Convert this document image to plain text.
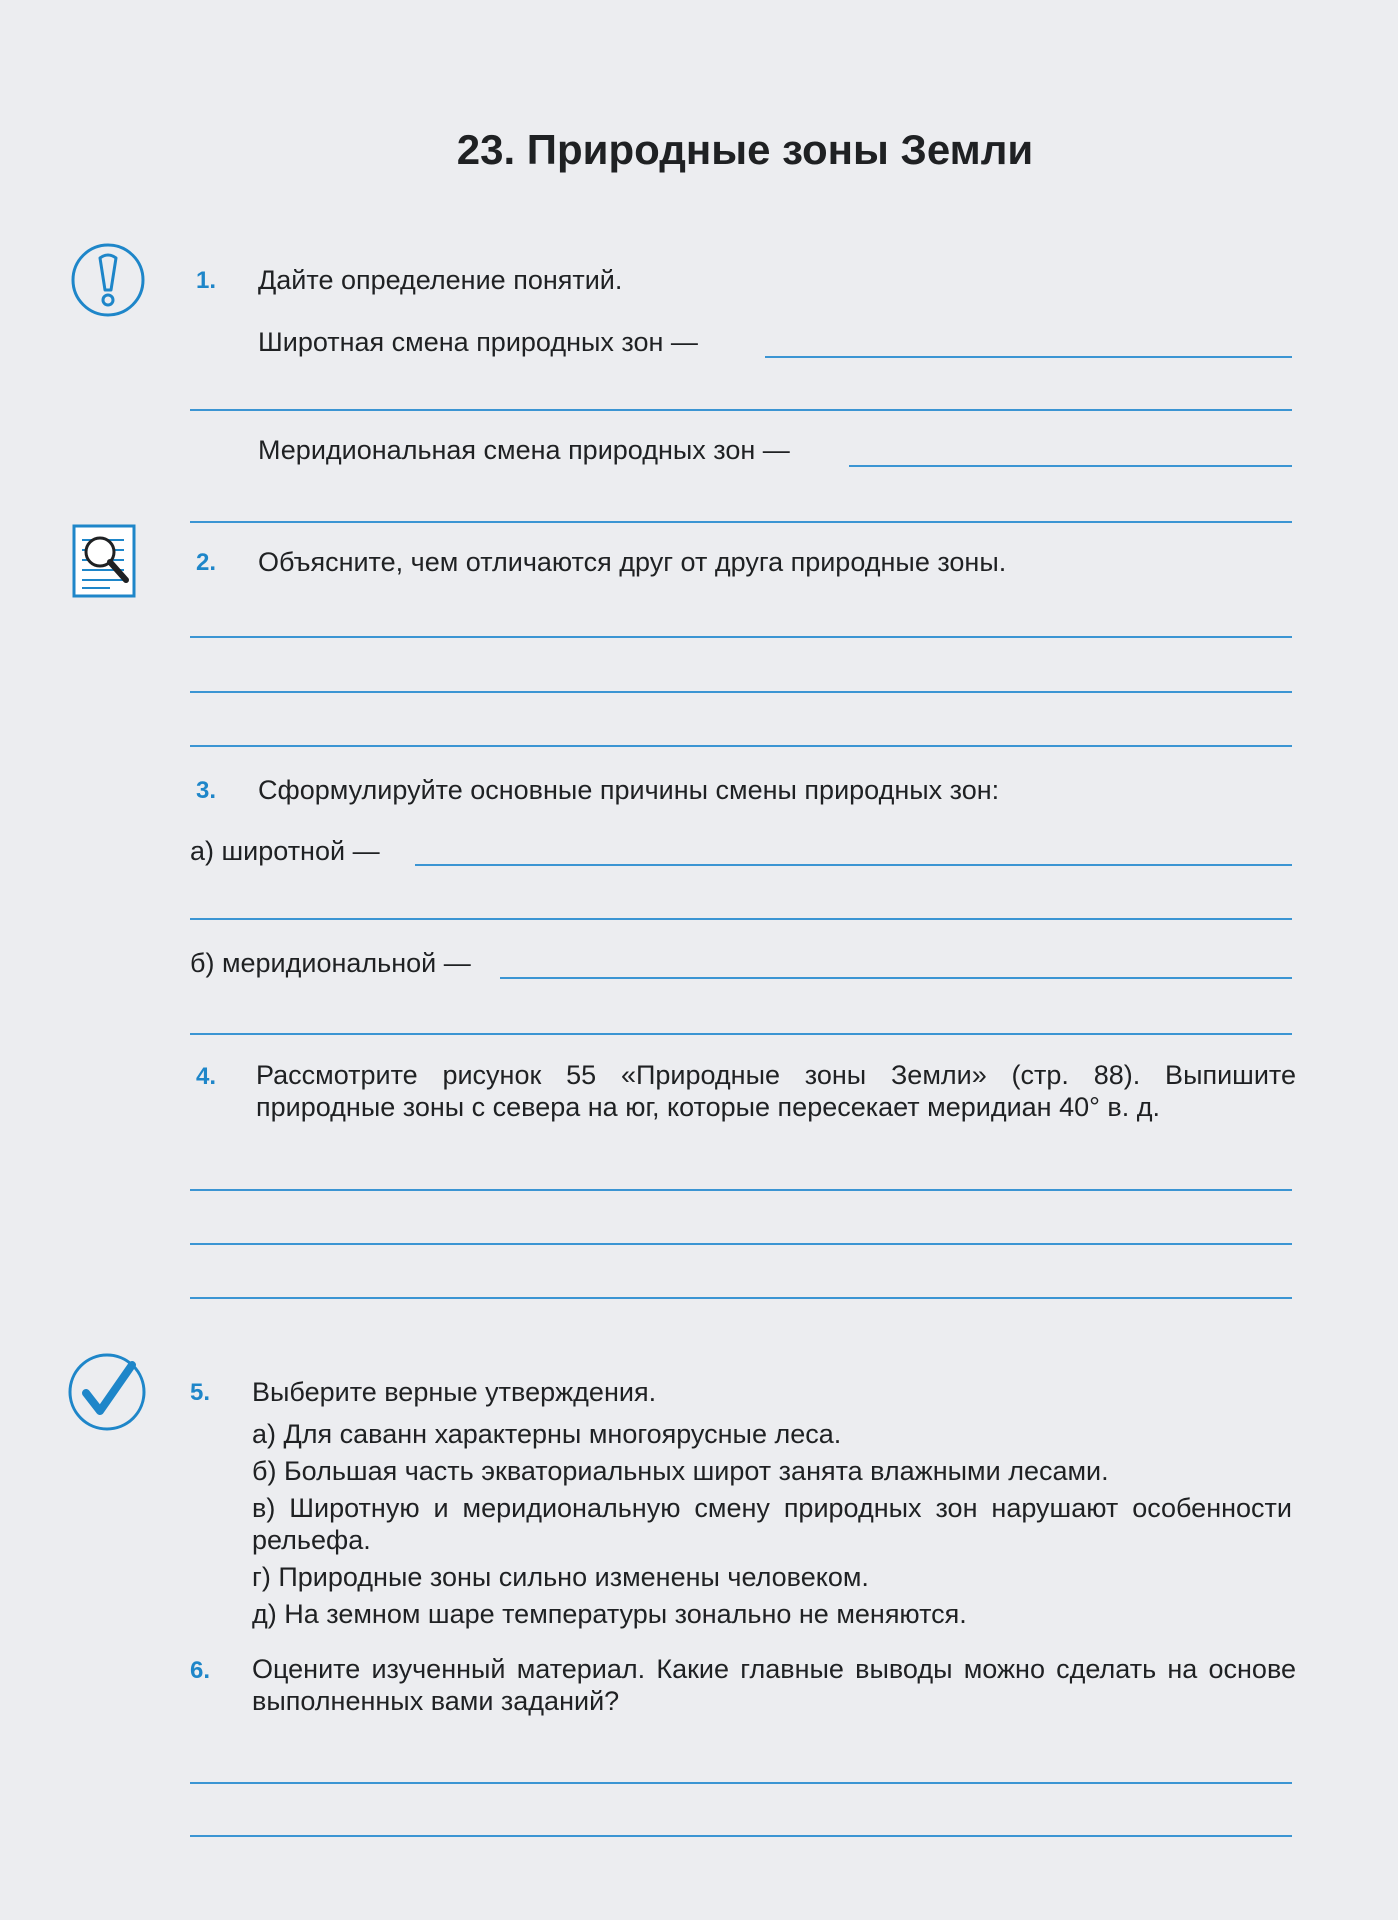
23. Природные зоны Земли
1.	Дайте определение понятий.
Широтная смена природных зон —
Меридиональная смена природных зон —
2.	Объясните, чем отличаются друг от друга природные зоны.
3.	Сформулируйте основные причины смены природных зон:
а) широтной —
б) меридиональной —
4.	Рассмотрите рисунок 55 «Природные зоны Земли» (стр. 88). Выпишите природные зоны с севера на юг, которые пересекает меридиан 40° в. д.
5.	Выберите верные утверждения.
а) Для саванн характерны многоярусные леса.
б) Большая часть экваториальных широт занята влажными лесами.
в) Широтную и меридиональную смену природных зон нарушают особенности рельефа.
г) Природные зоны сильно изменены человеком.
д) На земном шаре температуры зонально не меняются.
6.	Оцените изученный материал. Какие главные выводы можно сделать на основе выполненных вами заданий?
